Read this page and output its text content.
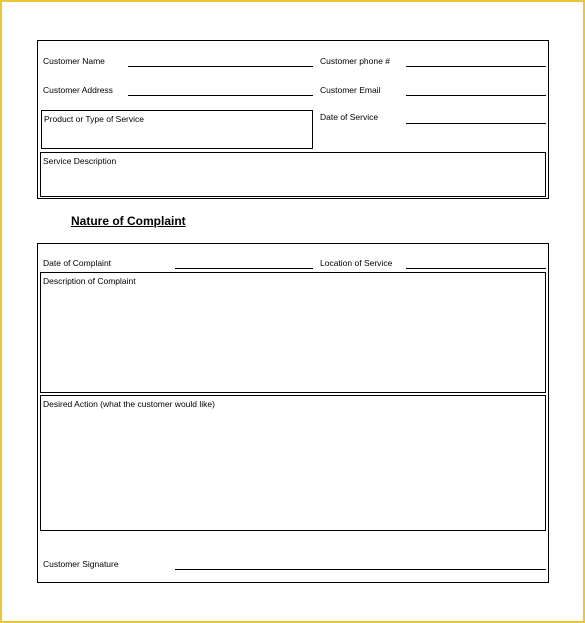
Customer Name	Customer phone #
Customer Address	Customer Email
Product or Type of Service	Date of Service
Service Description
Nature of Complaint
Date of Complaint	Location of Service
Description of Complaint
Desired Action (what the customer would like)
Customer Signature
